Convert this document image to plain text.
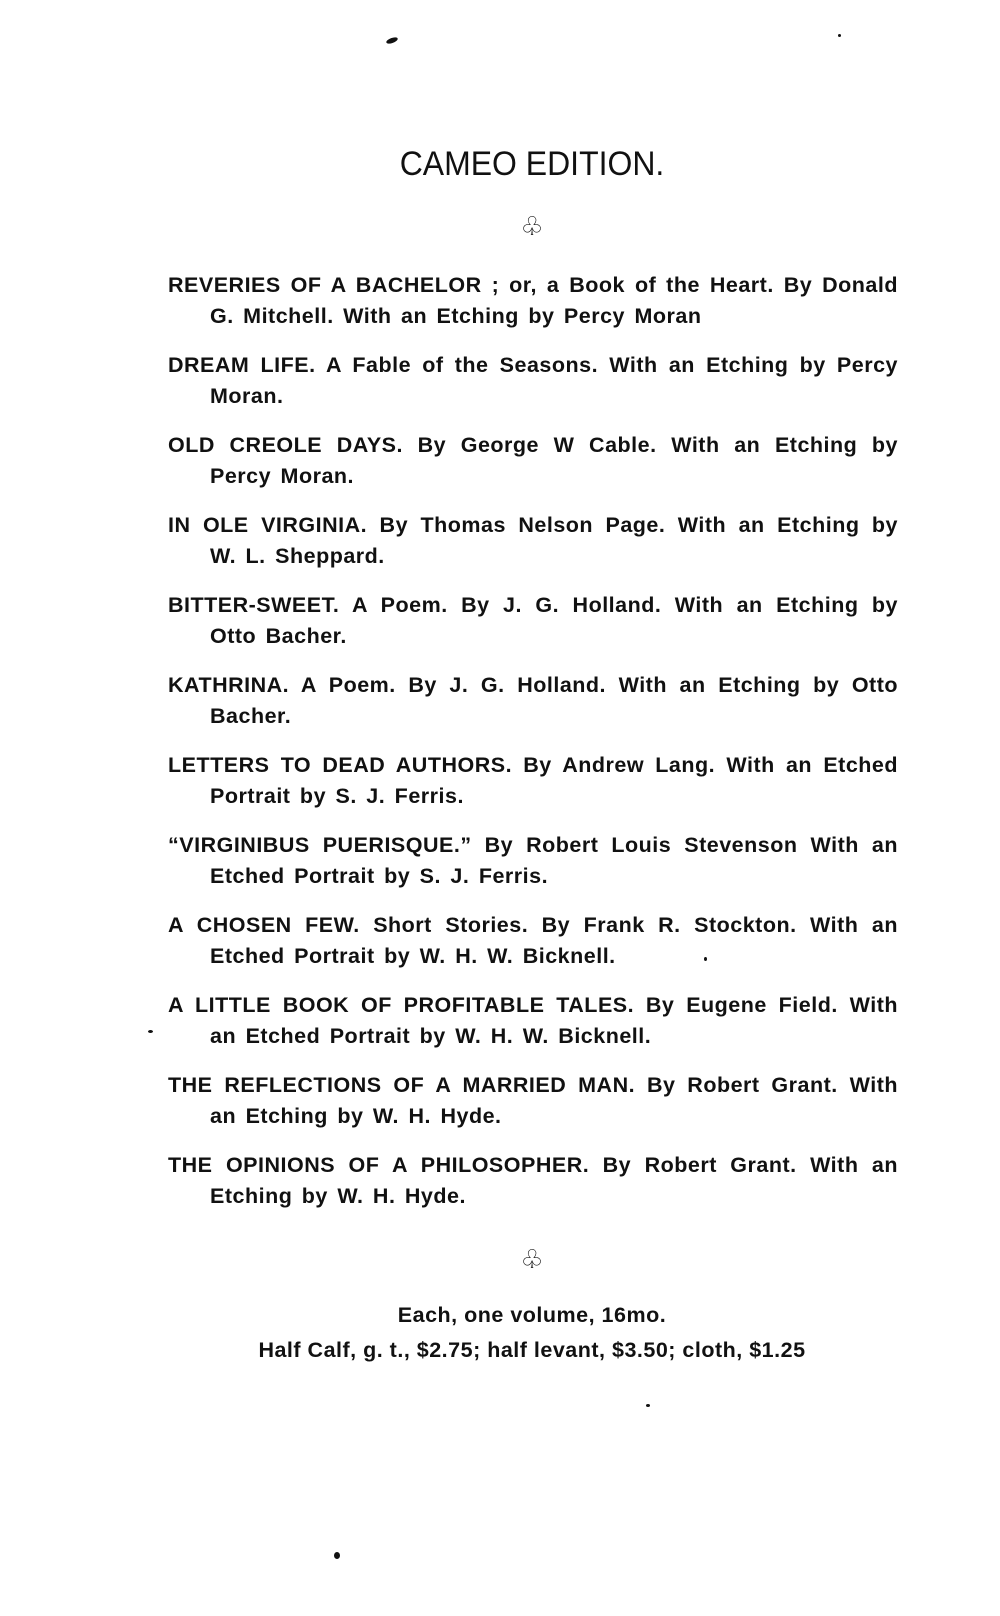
CAMEO EDITION.
♧

REVERIES OF A BACHELOR ; or, a Book of the Heart. By Donald G. Mitchell. With an Etching by Percy Moran

DREAM LIFE. A Fable of the Seasons. With an Etching by Percy Moran.

OLD CREOLE DAYS. By George W Cable. With an Etching by Percy Moran.

IN OLE VIRGINIA. By Thomas Nelson Page. With an Etching by W. L. Sheppard.

BITTER-SWEET. A Poem. By J. G. Holland. With an Etching by Otto Bacher.

KATHRINA. A Poem. By J. G. Holland. With an Etching by Otto Bacher.

LETTERS TO DEAD AUTHORS. By Andrew Lang. With an Etched Portrait by S. J. Ferris.

“VIRGINIBUS PUERISQUE.” By Robert Louis Stevenson With an Etched Portrait by S. J. Ferris.

A CHOSEN FEW. Short Stories. By Frank R. Stockton. With an Etched Portrait by W. H. W. Bicknell.

A LITTLE BOOK OF PROFITABLE TALES. By Eugene Field. With an Etched Portrait by W. H. W. Bicknell.

THE REFLECTIONS OF A MARRIED MAN. By Robert Grant. With an Etching by W. H. Hyde.

THE OPINIONS OF A PHILOSOPHER. By Robert Grant. With an Etching by W. H. Hyde.

♧
Each, one volume, 16mo.
Half Calf, g. t., $2.75; half levant, $3.50; cloth, $1.25
